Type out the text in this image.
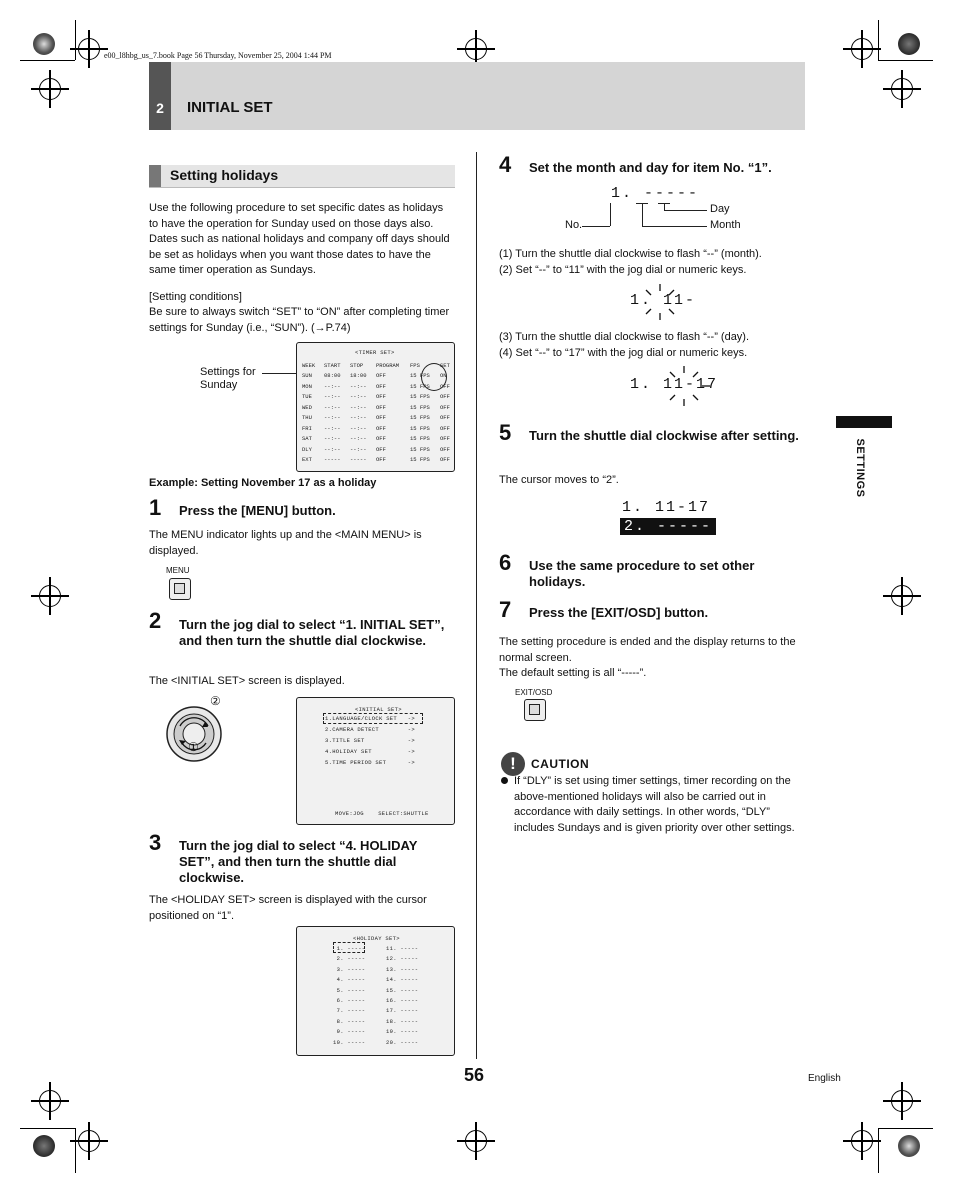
e00_l8hbg_us_7.book Page 56 Thursday, November 25, 2004 1:44 PM
2	INITIAL SET
Setting holidays
Use the following procedure to set specific dates as holidays to have the operation for Sunday used on those days also. Dates such as national holidays and company off days should be set as holidays when you want those dates to have the same timer operation as Sundays.
[Setting conditions]
Be sure to always switch “SET” to “ON” after completing timer settings for Sunday (i.e., “SUN”). (→P.74)
Settings for Sunday
<TIMER SET>
WEEK	START	STOP	PROGRAM	FPS	SET
SUN	08:00	18:00	OFF	15 FPS	ON
MON	--:--	--:--	OFF	15 FPS	OFF
TUE	--:--	--:--	OFF	15 FPS	OFF
WED	--:--	--:--	OFF	15 FPS	OFF
THU	--:--	--:--	OFF	15 FPS	OFF
FRI	--:--	--:--	OFF	15 FPS	OFF
SAT	--:--	--:--	OFF	15 FPS	OFF
DLY	--:--	--:--	OFF	15 FPS	OFF
EXT	-----	-----	OFF	15 FPS	OFF
Example: Setting November 17 as a holiday
1 Press the [MENU] button.
The MENU indicator lights up and the <MAIN MENU> is displayed.
MENU
2 Turn the jog dial to select “1. INITIAL SET”, and then turn the shuttle dial clockwise.
The <INITIAL SET> screen is displayed.
②
①
<INITIAL SET>
1.LANGUAGE/CLOCK SET   ->
2.CAMERA DETECT        ->
3.TITLE SET            ->
4.HOLIDAY SET          ->
5.TIME PERIOD SET      ->
MOVE:JOG    SELECT:SHUTTLE
3 Turn the jog dial to select “4. HOLIDAY SET”, and then turn the shuttle dial clockwise.
The <HOLIDAY SET> screen is displayed with the cursor positioned on “1”.
<HOLIDAY SET>
1. -----
2. -----
3. -----
4. -----
5. -----
6. -----
7. -----
8. -----
9. -----
10. -----
11. -----
12. -----
13. -----
14. -----
15. -----
16. -----
17. -----
18. -----
19. -----
20. -----
4 Set the month and day for item No. “1”.
1. -----
No.
Day
Month
(1) Turn the shuttle dial clockwise to flash “--” (month).
(2) Set “--” to “11” with the jog dial or numeric keys.
1. 11-
(3) Turn the shuttle dial clockwise to flash “--” (day).
(4) Set “--” to “17” with the jog dial or numeric keys.
1. 11-17
5 Turn the shuttle dial clockwise after setting.
The cursor moves to “2”.
1. 11-17
2. -----
6 Use the same procedure to set other holidays.
7 Press the [EXIT/OSD] button.
The setting procedure is ended and the display returns to the normal screen.
The default setting is all “-----”.
EXIT/OSD
!	CAUTION
If “DLY” is set using timer settings, timer recording on the above-mentioned holidays will also be carried out in accordance with daily settings. In other words, “DLY” includes Sundays and is given priority over other settings.
SETTINGS
56	English
